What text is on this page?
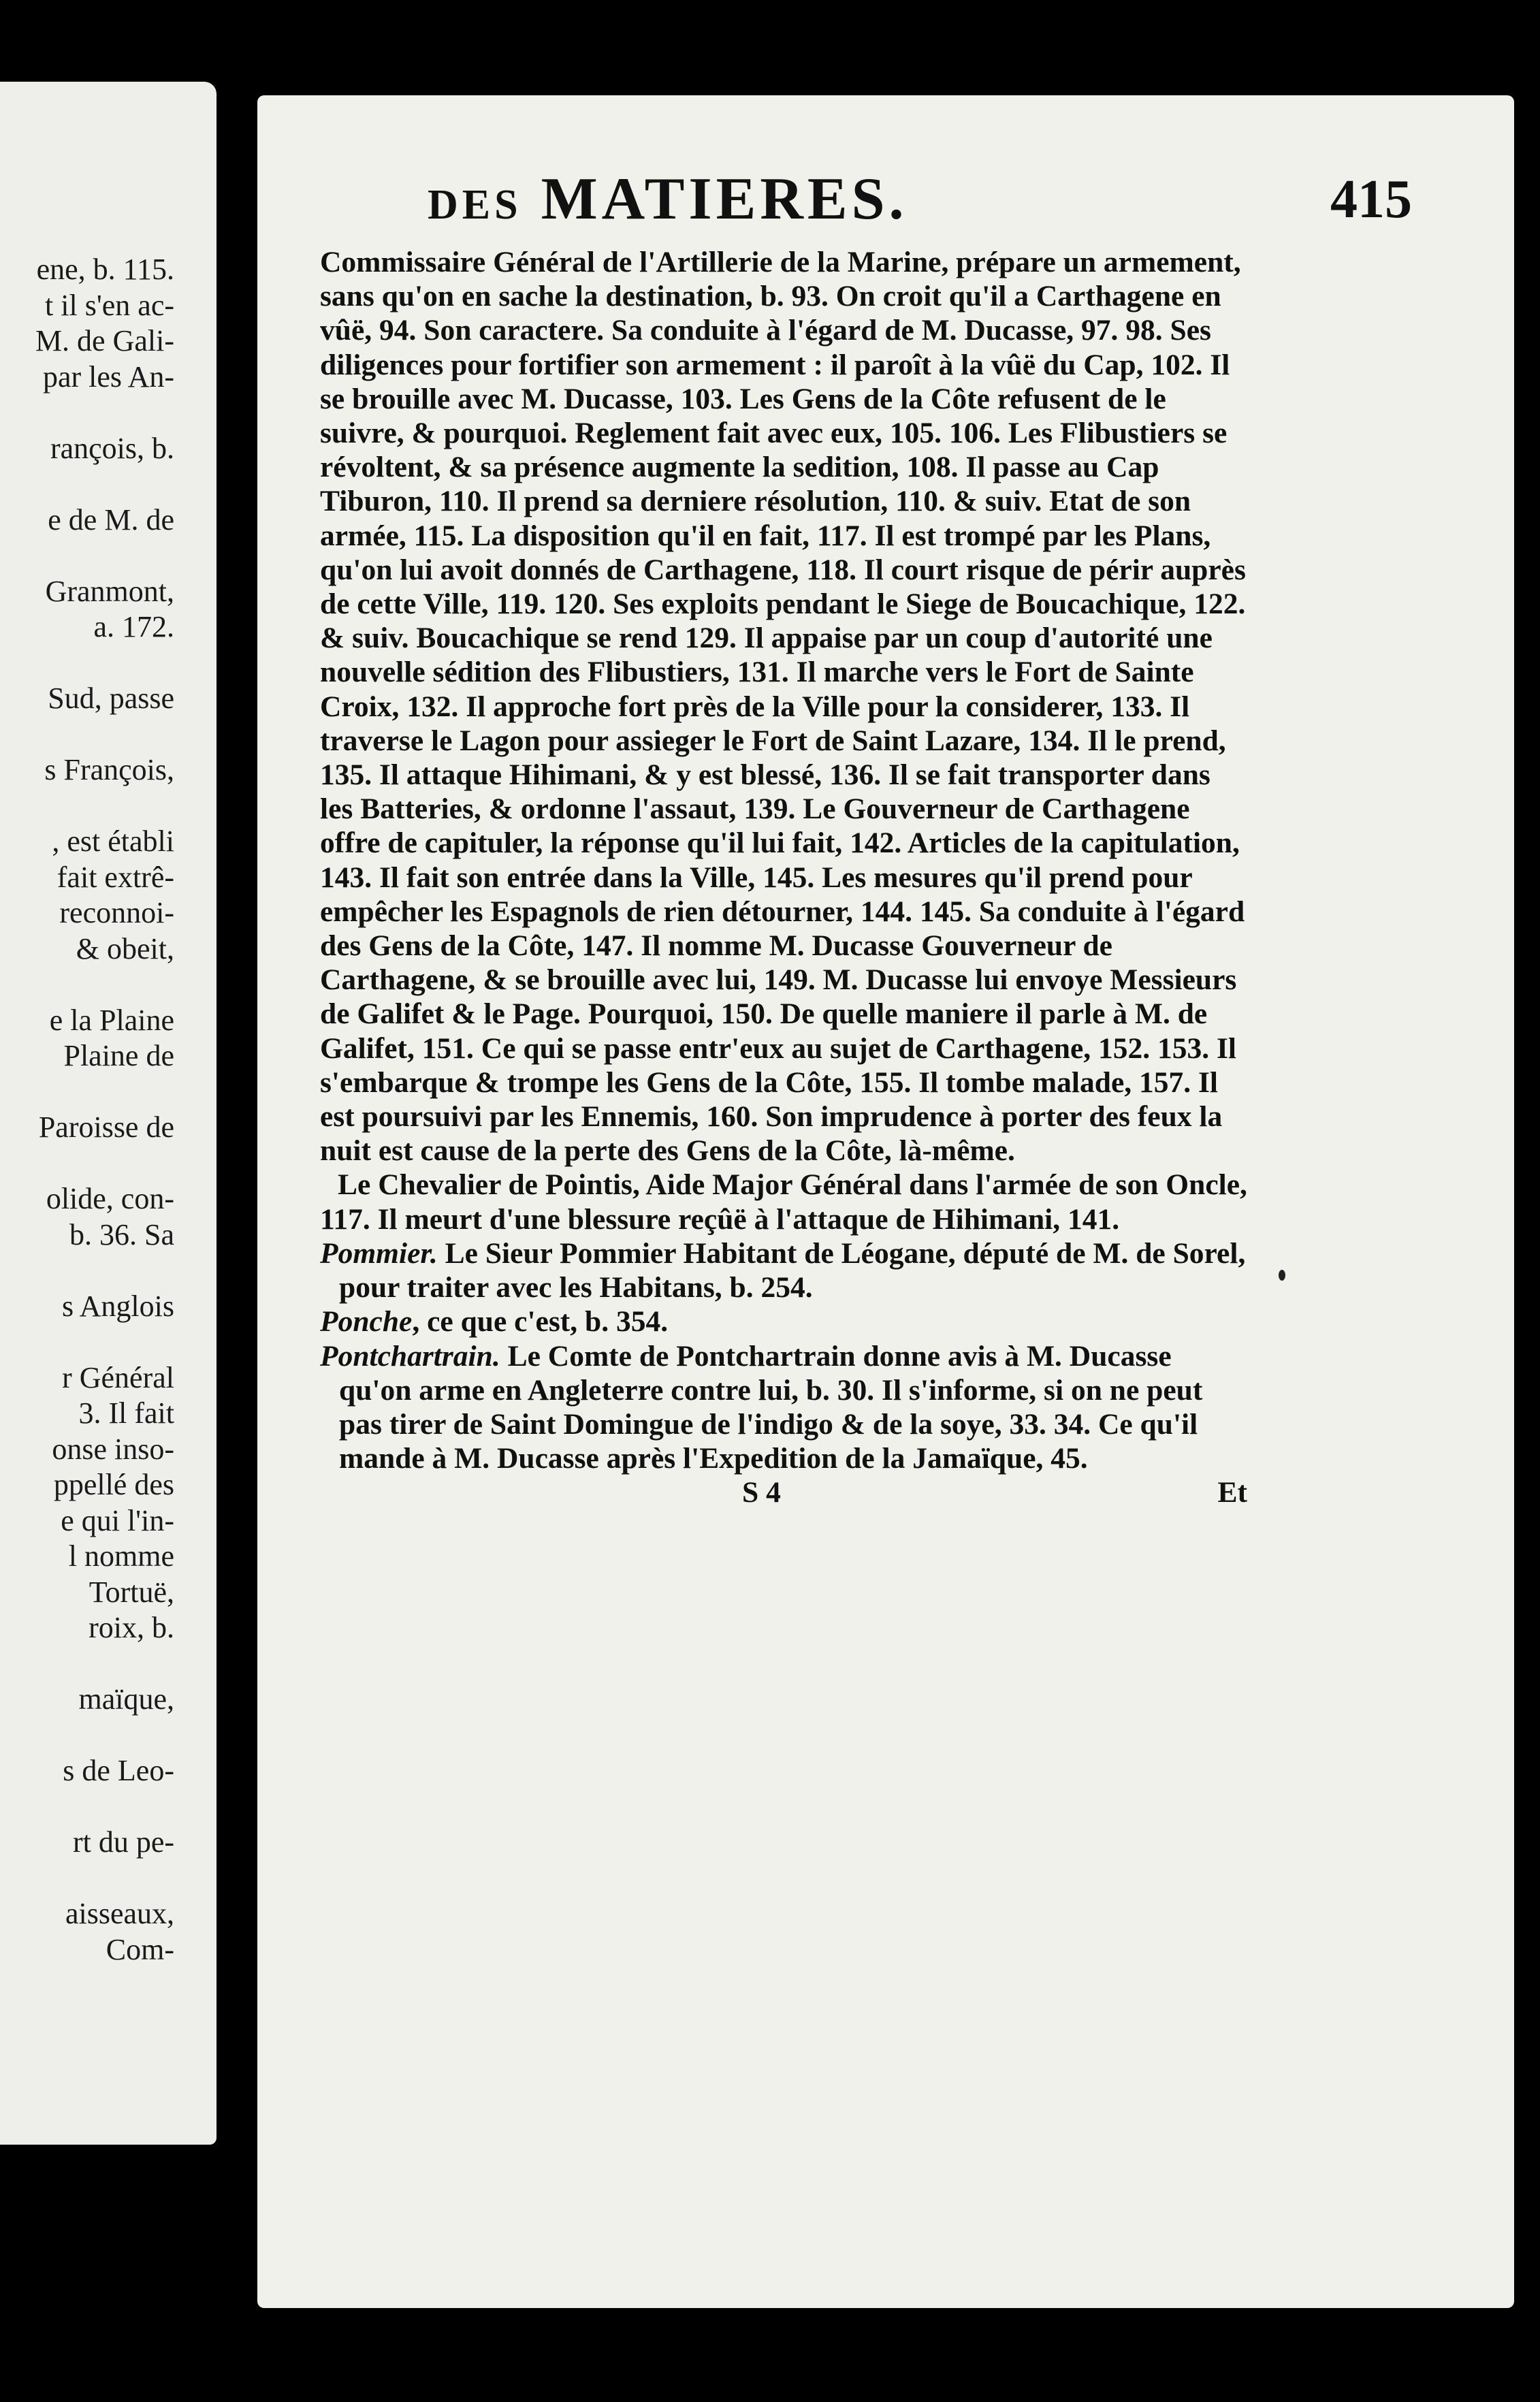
ene, b. 115.
t il s'en ac-
M. de Gali-
par les An-
rançois, b.
e de M. de
Granmont,
a. 172.
Sud, passe
s François,
, est établi
fait extrê-
reconnoi-
& obeit,
e la Plaine
Plaine de
Paroisse de
olide, con-
b. 36. Sa
s Anglois
r Général
3. Il fait
onse inso-
ppellé des
e qui l'in-
l nomme
Tortuë,
roix, b.
maïque,
s de Leo-
rt du pe-
aisseaux,
Com-
des MATIERES.	415

Commissaire Général de l'Artillerie de la Marine, prépare un armement, sans qu'on en sache la destination, b. 93. On croit qu'il a Carthagene en vûë, 94. Son caractere. Sa conduite à l'égard de M. Ducasse, 97. 98. Ses diligences pour fortifier son armement : il paroît à la vûë du Cap, 102. Il se brouille avec M. Ducasse, 103. Les Gens de la Côte refusent de le suivre, & pourquoi. Reglement fait avec eux, 105. 106. Les Flibustiers se révoltent, & sa présence augmente la sedition, 108. Il passe au Cap Tiburon, 110. Il prend sa derniere résolution, 110. & suiv. Etat de son armée, 115. La disposition qu'il en fait, 117. Il est trompé par les Plans, qu'on lui avoit donnés de Carthagene, 118. Il court risque de périr auprès de cette Ville, 119. 120. Ses exploits pendant le Siege de Boucachique, 122. & suiv. Boucachique se rend 129. Il appaise par un coup d'autorité une nouvelle sédition des Flibustiers, 131. Il marche vers le Fort de Sainte Croix, 132. Il approche fort près de la Ville pour la considerer, 133. Il traverse le Lagon pour assieger le Fort de Saint Lazare, 134. Il le prend, 135. Il attaque Hihimani, & y est blessé, 136. Il se fait transporter dans les Batteries, & ordonne l'assaut, 139. Le Gouverneur de Carthagene offre de capituler, la réponse qu'il lui fait, 142. Articles de la capitulation, 143. Il fait son entrée dans la Ville, 145. Les mesures qu'il prend pour empêcher les Espagnols de rien détourner, 144. 145. Sa conduite à l'égard des Gens de la Côte, 147. Il nomme M. Ducasse Gouverneur de Carthagene, & se brouille avec lui, 149. M. Ducasse lui envoye Messieurs de Galifet & le Page. Pourquoi, 150. De quelle maniere il parle à M. de Galifet, 151. Ce qui se passe entr'eux au sujet de Carthagene, 152. 153. Il s'embarque & trompe les Gens de la Côte, 155. Il tombe malade, 157. Il est poursuivi par les Ennemis, 160. Son imprudence à porter des feux la nuit est cause de la perte des Gens de la Côte, là-même.

Le Chevalier de Pointis, Aide Major Général dans l'armée de son Oncle, 117. Il meurt d'une blessure reçûë à l'attaque de Hihimani, 141.

Pommier. Le Sieur Pommier Habitant de Léogane, député de M. de Sorel, pour traiter avec les Habitans, b. 254.

Ponche, ce que c'est, b. 354.

Pontchartrain. Le Comte de Pontchartrain donne avis à M. Ducasse qu'on arme en Angleterre contre lui, b. 30. Il s'informe, si on ne peut pas tirer de Saint Domingue de l'indigo & de la soye, 33. 34. Ce qu'il mande à M. Ducasse après l'Expedition de la Jamaïque, 45.

S 4	Et
